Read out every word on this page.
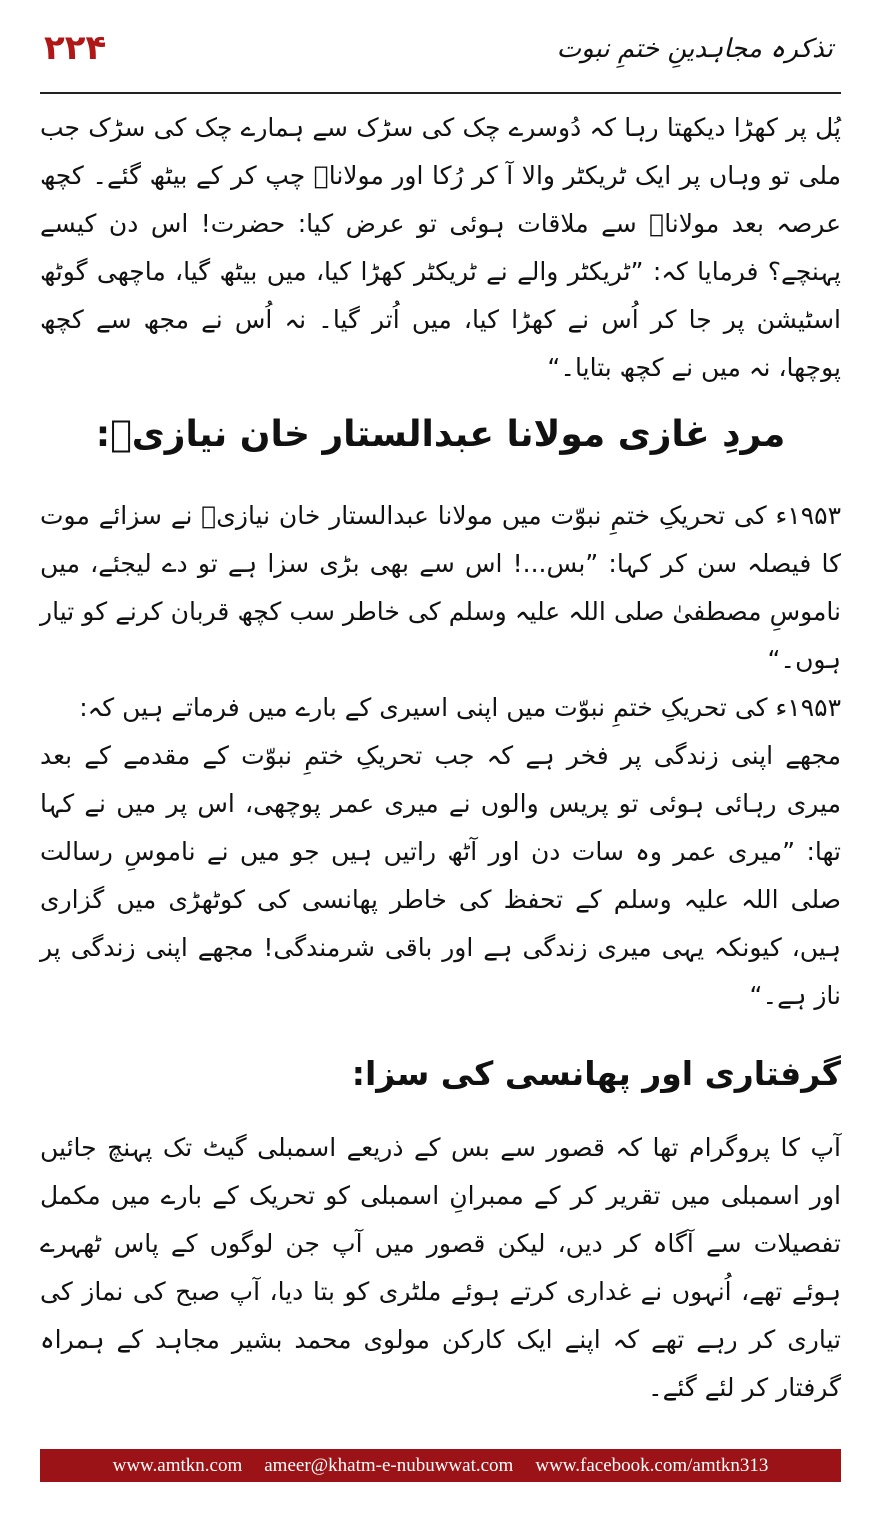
۲۲۴	تذکرہ مجاہدینِ ختمِ نبوت

پُل پر کھڑا دیکھتا رہا کہ دُوسرے چک کی سڑک سے ہمارے چک کی سڑک جب ملی تو وہاں پر ایک ٹریکٹر والا آ کر رُکا اور مولاناؒ چپ کر کے بیٹھ گئے۔ کچھ عرصہ بعد مولاناؒ سے ملاقات ہوئی تو عرض کیا: حضرت! اس دن کیسے پہنچے؟ فرمایا کہ: ”ٹریکٹر والے نے ٹریکٹر کھڑا کیا، میں بیٹھ گیا، ماچھی گوٹھ اسٹیشن پر جا کر اُس نے کھڑا کیا، میں اُتر گیا۔ نہ اُس نے مجھ سے کچھ پوچھا، نہ میں نے کچھ بتایا۔“

مردِ غازی مولانا عبدالستار خان نیازیؒ:

۱۹۵۳ء کی تحریکِ ختمِ نبوّت میں مولانا عبدالستار خان نیازیؒ نے سزائے موت کا فیصلہ سن کر کہا: ”بس...! اس سے بھی بڑی سزا ہے تو دے لیجئے، میں ناموسِ مصطفیٰ صلی اللہ علیہ وسلم کی خاطر سب کچھ قربان کرنے کو تیار ہوں۔“

۱۹۵۳ء کی تحریکِ ختمِ نبوّت میں اپنی اسیری کے بارے میں فرماتے ہیں کہ:

مجھے اپنی زندگی پر فخر ہے کہ جب تحریکِ ختمِ نبوّت کے مقدمے کے بعد میری رہائی ہوئی تو پریس والوں نے میری عمر پوچھی، اس پر میں نے کہا تھا: ”میری عمر وہ سات دن اور آٹھ راتیں ہیں جو میں نے ناموسِ رسالت صلی اللہ علیہ وسلم کے تحفظ کی خاطر پھانسی کی کوٹھڑی میں گزاری ہیں، کیونکہ یہی میری زندگی ہے اور باقی شرمندگی! مجھے اپنی زندگی پر ناز ہے۔“

گرفتاری اور پھانسی کی سزا:

آپ کا پروگرام تھا کہ قصور سے بس کے ذریعے اسمبلی گیٹ تک پہنچ جائیں اور اسمبلی میں تقریر کر کے ممبرانِ اسمبلی کو تحریک کے بارے میں مکمل تفصیلات سے آگاہ کر دیں، لیکن قصور میں آپ جن لوگوں کے پاس ٹھہرے ہوئے تھے، اُنہوں نے غداری کرتے ہوئے ملٹری کو بتا دیا، آپ صبح کی نماز کی تیاری کر رہے تھے کہ اپنے ایک کارکن مولوی محمد بشیر مجاہد کے ہمراہ گرفتار کر لئے گئے۔

www.amtkn.com ameer@khatm-e-nubuwwat.com www.facebook.com/amtkn313
